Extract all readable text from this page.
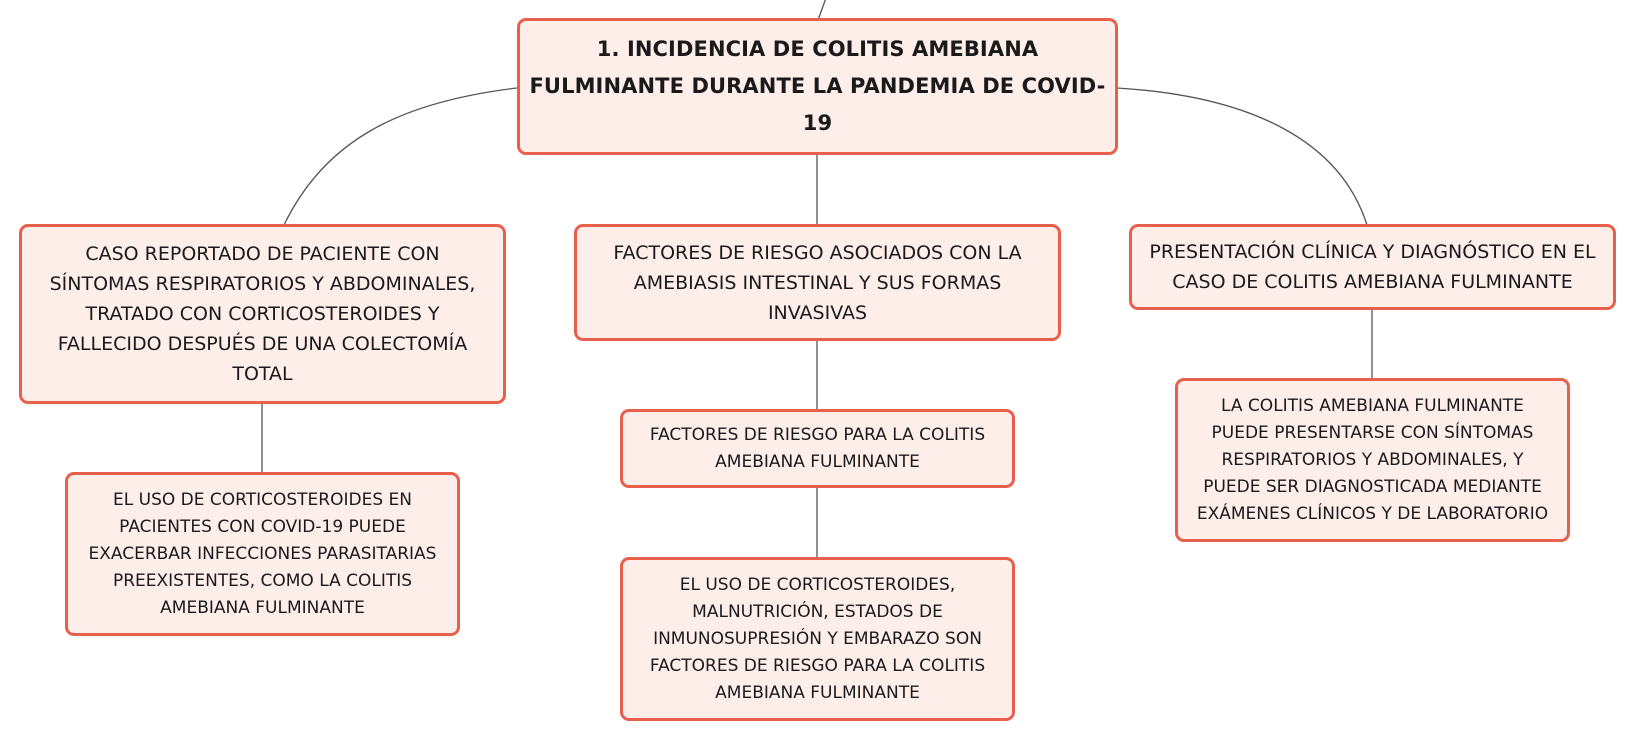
1. INCIDENCIA DE COLITIS AMEBIANA FULMINANTE DURANTE LA PANDEMIA DE COVID-19
CASO REPORTADO DE PACIENTE CON SÍNTOMAS RESPIRATORIOS Y ABDOMINALES, TRATADO CON CORTICOSTEROIDES Y FALLECIDO DESPUÉS DE UNA COLECTOMÍA TOTAL
FACTORES DE RIESGO ASOCIADOS CON LA AMEBIASIS INTESTINAL Y SUS FORMAS INVASIVAS
PRESENTACIÓN CLÍNICA Y DIAGNÓSTICO EN EL CASO DE COLITIS AMEBIANA FULMINANTE
EL USO DE CORTICOSTEROIDES EN PACIENTES CON COVID-19 PUEDE EXACERBAR INFECCIONES PARASITARIAS PREEXISTENTES, COMO LA COLITIS AMEBIANA FULMINANTE
FACTORES DE RIESGO PARA LA COLITIS AMEBIANA FULMINANTE
EL USO DE CORTICOSTEROIDES, MALNUTRICIÓN, ESTADOS DE INMUNOSUPRESIÓN Y EMBARAZO SON FACTORES DE RIESGO PARA LA COLITIS AMEBIANA FULMINANTE
LA COLITIS AMEBIANA FULMINANTE PUEDE PRESENTARSE CON SÍNTOMAS RESPIRATORIOS Y ABDOMINALES, Y PUEDE SER DIAGNOSTICADA MEDIANTE EXÁMENES CLÍNICOS Y DE LABORATORIO
